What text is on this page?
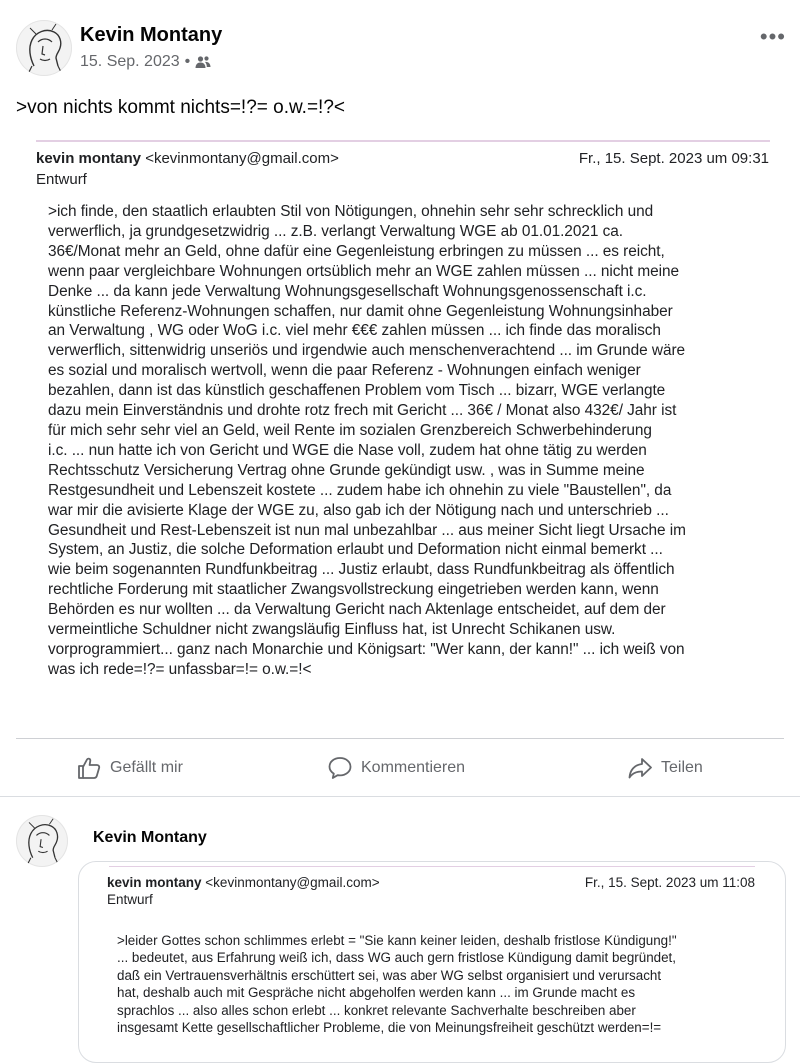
Kevin Montany
15. Sep. 2023 •
•••
>von nichts kommt nichts=!?= o.w.=!?<
kevin montany <kevinmontany@gmail.com>	Fr., 15. Sept. 2023 um 09:31
Entwurf
>ich finde, den staatlich erlaubten Stil von Nötigungen, ohnehin sehr sehr schrecklich und
verwerflich, ja grundgesetzwidrig ... z.B. verlangt Verwaltung WGE ab 01.01.2021 ca.
36€/Monat mehr an Geld, ohne dafür eine Gegenleistung erbringen zu müssen ... es reicht,
wenn paar vergleichbare Wohnungen ortsüblich mehr an WGE zahlen müssen ... nicht meine
Denke ... da kann jede Verwaltung Wohnungsgesellschaft Wohnungsgenossenschaft i.c.
künstliche Referenz-Wohnungen schaffen, nur damit ohne Gegenleistung Wohnungsinhaber
an Verwaltung , WG oder WoG i.c. viel mehr €€€ zahlen müssen ... ich finde das moralisch
verwerflich, sittenwidrig unseriös und irgendwie auch menschenverachtend ... im Grunde wäre
es sozial und moralisch wertvoll, wenn die paar Referenz - Wohnungen einfach weniger
bezahlen, dann ist das künstlich geschaffenen Problem vom Tisch ... bizarr, WGE verlangte
dazu mein Einverständnis und drohte rotz frech mit Gericht ... 36€ / Monat also 432€/ Jahr ist
für mich sehr sehr viel an Geld, weil Rente im sozialen Grenzbereich Schwerbehinderung
i.c. ... nun hatte ich von Gericht und WGE die Nase voll, zudem hat ohne tätig zu werden
Rechtsschutz Versicherung Vertrag ohne Grunde gekündigt usw. , was in Summe meine
Restgesundheit und Lebenszeit kostete ... zudem habe ich ohnehin zu viele "Baustellen", da
war mir die avisierte Klage der WGE zu, also gab ich der Nötigung nach und unterschrieb ...
Gesundheit und Rest-Lebenszeit ist nun mal unbezahlbar ... aus meiner Sicht liegt Ursache im
System, an Justiz, die solche Deformation erlaubt und Deformation nicht einmal bemerkt ...
wie beim sogenannten Rundfunkbeitrag ... Justiz erlaubt, dass Rundfunkbeitrag als öffentlich
rechtliche Forderung mit staatlicher Zwangsvollstreckung eingetrieben werden kann, wenn
Behörden es nur wollten ... da Verwaltung Gericht nach Aktenlage entscheidet, auf dem der
vermeintliche Schuldner nicht zwangsläufig Einfluss hat, ist Unrecht Schikanen usw.
vorprogrammiert... ganz nach Monarchie und Königsart: "Wer kann, der kann!" ... ich weiß von
was ich rede=!?= unfassbar=!= o.w.=!<
Gefällt mir	Kommentieren	Teilen
Kevin Montany
kevin montany <kevinmontany@gmail.com>	Fr., 15. Sept. 2023 um 11:08
Entwurf
>leider Gottes schon schlimmes erlebt = "Sie kann keiner leiden, deshalb fristlose Kündigung!"
... bedeutet, aus Erfahrung weiß ich, dass WG auch gern fristlose Kündigung damit begründet,
daß ein Vertrauensverhältnis erschüttert sei, was aber WG selbst organisiert und verursacht
hat, deshalb auch mit Gespräche nicht abgeholfen werden kann ... im Grunde macht es
sprachlos ... also alles schon erlebt ... konkret relevante Sachverhalte beschreiben aber
insgesamt Kette gesellschaftlicher Probleme, die von Meinungsfreiheit geschützt werden=!=
